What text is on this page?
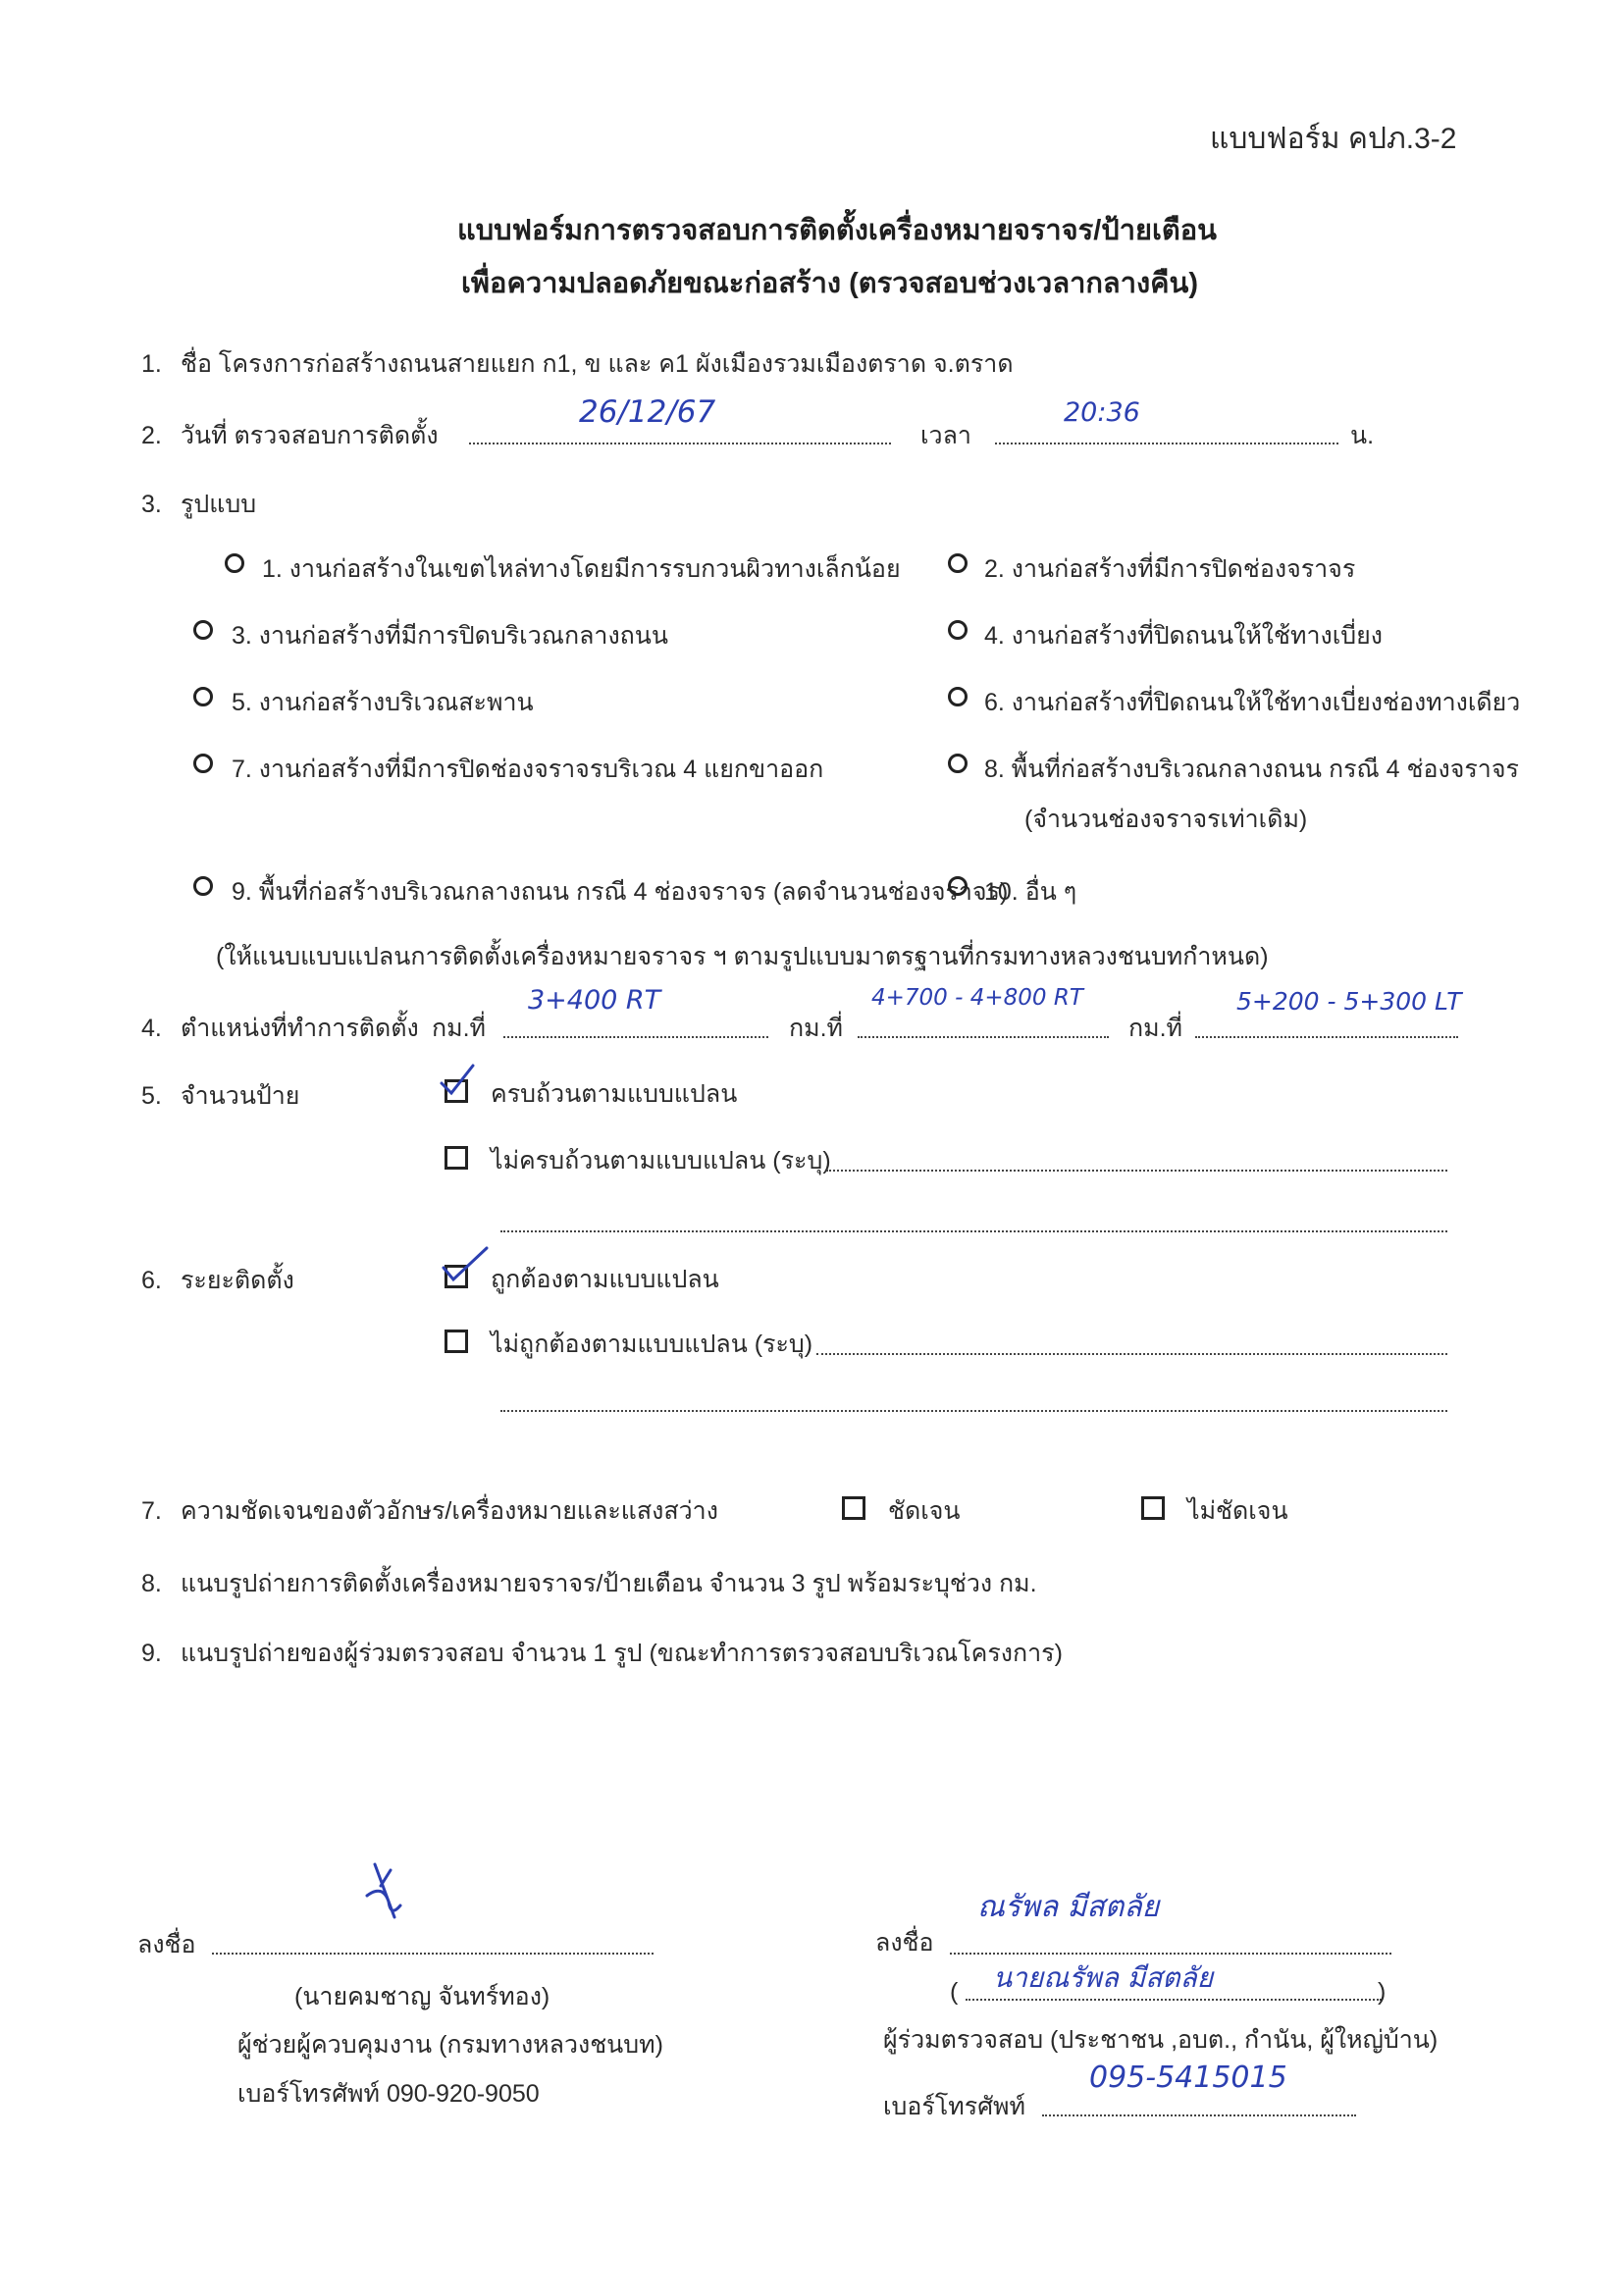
แบบฟอร์ม คปภ.3-2
แบบฟอร์มการตรวจสอบการติดตั้งเครื่องหมายจราจร/ป้ายเตือน
เพื่อความปลอดภัยขณะก่อสร้าง (ตรวจสอบช่วงเวลากลางคืน)
1. ชื่อ โครงการก่อสร้างถนนสายแยก ก1, ข และ ค1 ผังเมืองรวมเมืองตราด จ.ตราด
2. วันที่ ตรวจสอบการติดตั้ง
26/12/67
เวลา
20:36
น.
3. รูปแบบ
1. งานก่อสร้างในเขตไหล่ทางโดยมีการรบกวนผิวทางเล็กน้อย	2. งานก่อสร้างที่มีการปิดช่องจราจร
3. งานก่อสร้างที่มีการปิดบริเวณกลางถนน	4. งานก่อสร้างที่ปิดถนนให้ใช้ทางเบี่ยง
5. งานก่อสร้างบริเวณสะพาน	6. งานก่อสร้างที่ปิดถนนให้ใช้ทางเบี่ยงช่องทางเดียว
7. งานก่อสร้างที่มีการปิดช่องจราจรบริเวณ 4 แยกขาออก	8. พื้นที่ก่อสร้างบริเวณกลางถนน กรณี 4 ช่องจราจร
(จำนวนช่องจราจรเท่าเดิม)
9. พื้นที่ก่อสร้างบริเวณกลางถนน กรณี 4 ช่องจราจร (ลดจำนวนช่องจราจร)
10. อื่น ๆ
(ให้แนบแบบแปลนการติดตั้งเครื่องหมายจราจร ฯ ตามรูปแบบมาตรฐานที่กรมทางหลวงชนบทกำหนด)
4. ตำแหน่งที่ทำการติดตั้ง กม.ที่
3+400 RT
กม.ที่
4+700 - 4+800 RT
กม.ที่
5+200 - 5+300 LT
5. จำนวนป้าย	ครบถ้วนตามแบบแปลน
ไม่ครบถ้วนตามแบบแปลน (ระบุ)
6. ระยะติดตั้ง	ถูกต้องตามแบบแปลน
ไม่ถูกต้องตามแบบแปลน (ระบุ)
7. ความชัดเจนของตัวอักษร/เครื่องหมายและแสงสว่าง	ชัดเจน	ไม่ชัดเจน
8. แนบรูปถ่ายการติดตั้งเครื่องหมายจราจร/ป้ายเตือน จำนวน 3 รูป พร้อมระบุช่วง กม.
9. แนบรูปถ่ายของผู้ร่วมตรวจสอบ จำนวน 1 รูป (ขณะทำการตรวจสอบบริเวณโครงการ)
ลงชื่อ
(นายคมชาญ จันทร์ทอง)
ผู้ช่วยผู้ควบคุมงาน (กรมทางหลวงชนบท)
เบอร์โทรศัพท์ 090-920-9050
ลงชื่อ
ณรัพล มีสตลัย
( นายณรัพล มีสตลัย	)
ผู้ร่วมตรวจสอบ (ประชาชน ,อบต., กำนัน, ผู้ใหญ่บ้าน)
เบอร์โทรศัพท์
095-5415015
